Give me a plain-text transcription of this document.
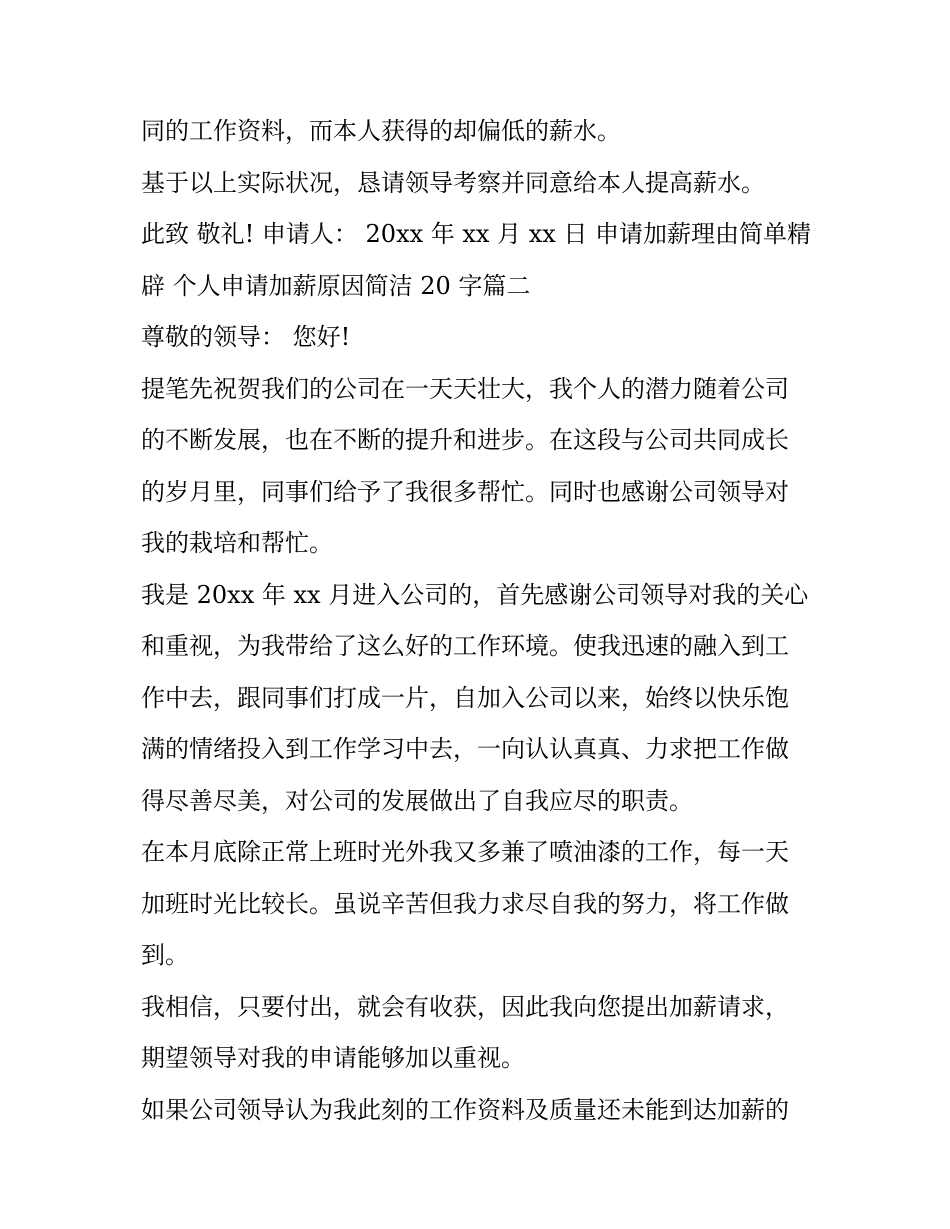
同的工作资料，而本人获得的却偏低的薪水。
基于以上实际状况，恳请领导考察并同意给本人提高薪水。
此致 敬礼! 申请人： 20xx 年 xx 月 xx 日 申请加薪理由简单精
辟 个人申请加薪原因简洁 20 字篇二
尊敬的领导： 您好!
提笔先祝贺我们的公司在一天天壮大，我个人的潜力随着公司
的不断发展，也在不断的提升和进步。在这段与公司共同成长
的岁月里，同事们给予了我很多帮忙。同时也感谢公司领导对
我的栽培和帮忙。
我是 20xx 年 xx 月进入公司的，首先感谢公司领导对我的关心
和重视，为我带给了这么好的工作环境。使我迅速的融入到工
作中去，跟同事们打成一片，自加入公司以来，始终以快乐饱
满的情绪投入到工作学习中去，一向认认真真、力求把工作做
得尽善尽美，对公司的发展做出了自我应尽的职责。
在本月底除正常上班时光外我又多兼了喷油漆的工作，每一天
加班时光比较长。虽说辛苦但我力求尽自我的努力，将工作做
到。
我相信，只要付出，就会有收获，因此我向您提出加薪请求，
期望领导对我的申请能够加以重视。
如果公司领导认为我此刻的工作资料及质量还未能到达加薪的
